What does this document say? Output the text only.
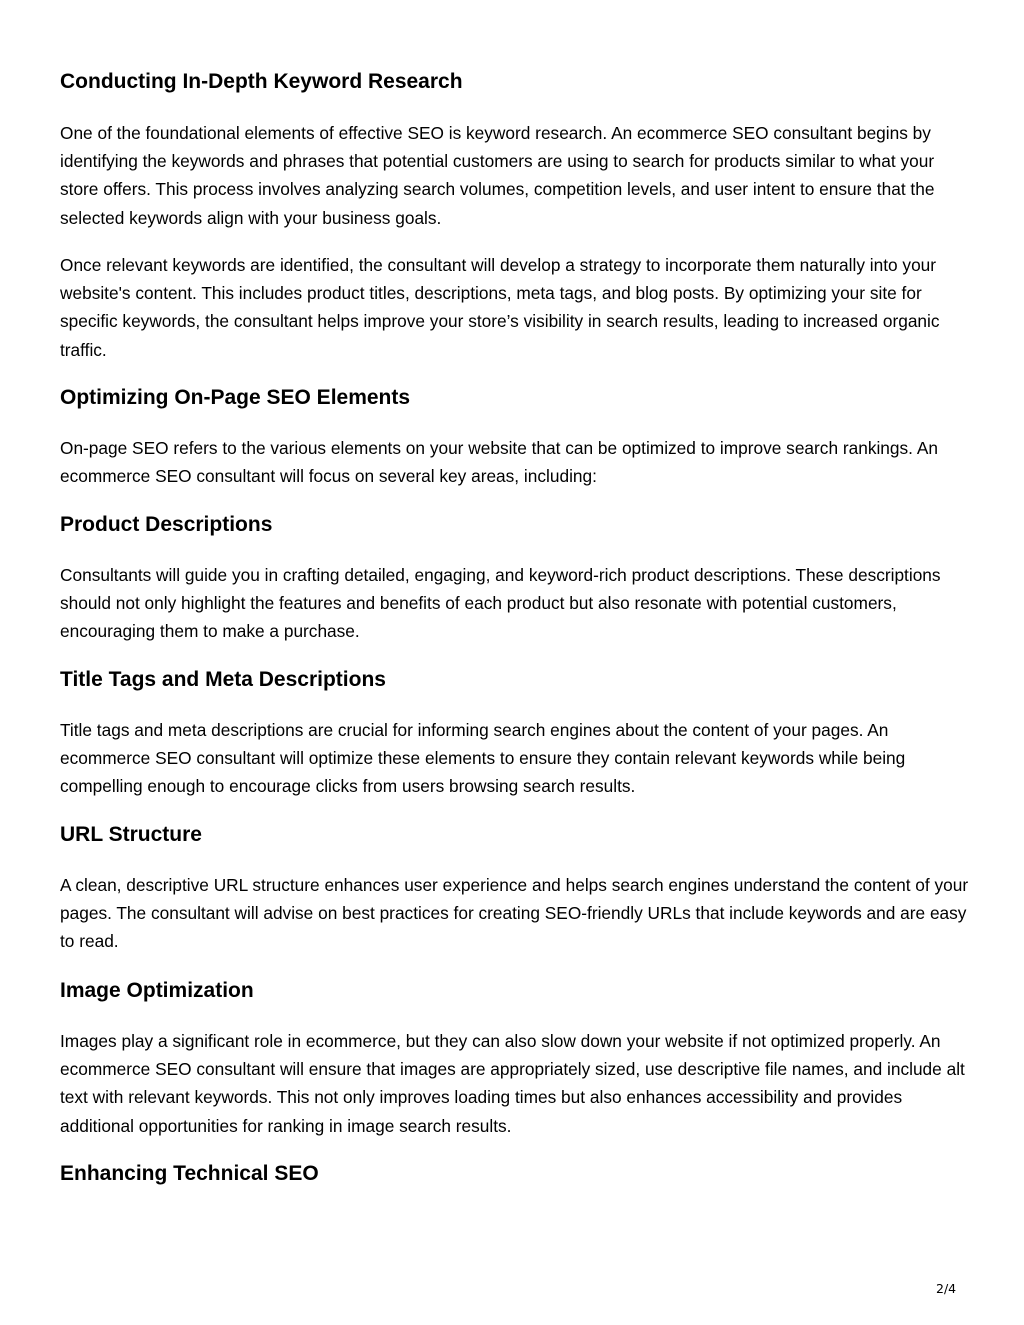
Conducting In-Depth Keyword Research

One of the foundational elements of effective SEO is keyword research. An ecommerce SEO consultant begins by identifying the keywords and phrases that potential customers are using to search for products similar to what your store offers. This process involves analyzing search volumes, competition levels, and user intent to ensure that the selected keywords align with your business goals.

Once relevant keywords are identified, the consultant will develop a strategy to incorporate them naturally into your website's content. This includes product titles, descriptions, meta tags, and blog posts. By optimizing your site for specific keywords, the consultant helps improve your store’s visibility in search results, leading to increased organic traffic.

Optimizing On-Page SEO Elements

On-page SEO refers to the various elements on your website that can be optimized to improve search rankings. An ecommerce SEO consultant will focus on several key areas, including:

Product Descriptions

Consultants will guide you in crafting detailed, engaging, and keyword-rich product descriptions. These descriptions should not only highlight the features and benefits of each product but also resonate with potential customers, encouraging them to make a purchase.

Title Tags and Meta Descriptions

Title tags and meta descriptions are crucial for informing search engines about the content of your pages. An ecommerce SEO consultant will optimize these elements to ensure they contain relevant keywords while being compelling enough to encourage clicks from users browsing search results.

URL Structure

A clean, descriptive URL structure enhances user experience and helps search engines understand the content of your pages. The consultant will advise on best practices for creating SEO-friendly URLs that include keywords and are easy to read.

Image Optimization

Images play a significant role in ecommerce, but they can also slow down your website if not optimized properly. An ecommerce SEO consultant will ensure that images are appropriately sized, use descriptive file names, and include alt text with relevant keywords. This not only improves loading times but also enhances accessibility and provides additional opportunities for ranking in image search results.

Enhancing Technical SEO
2/4
